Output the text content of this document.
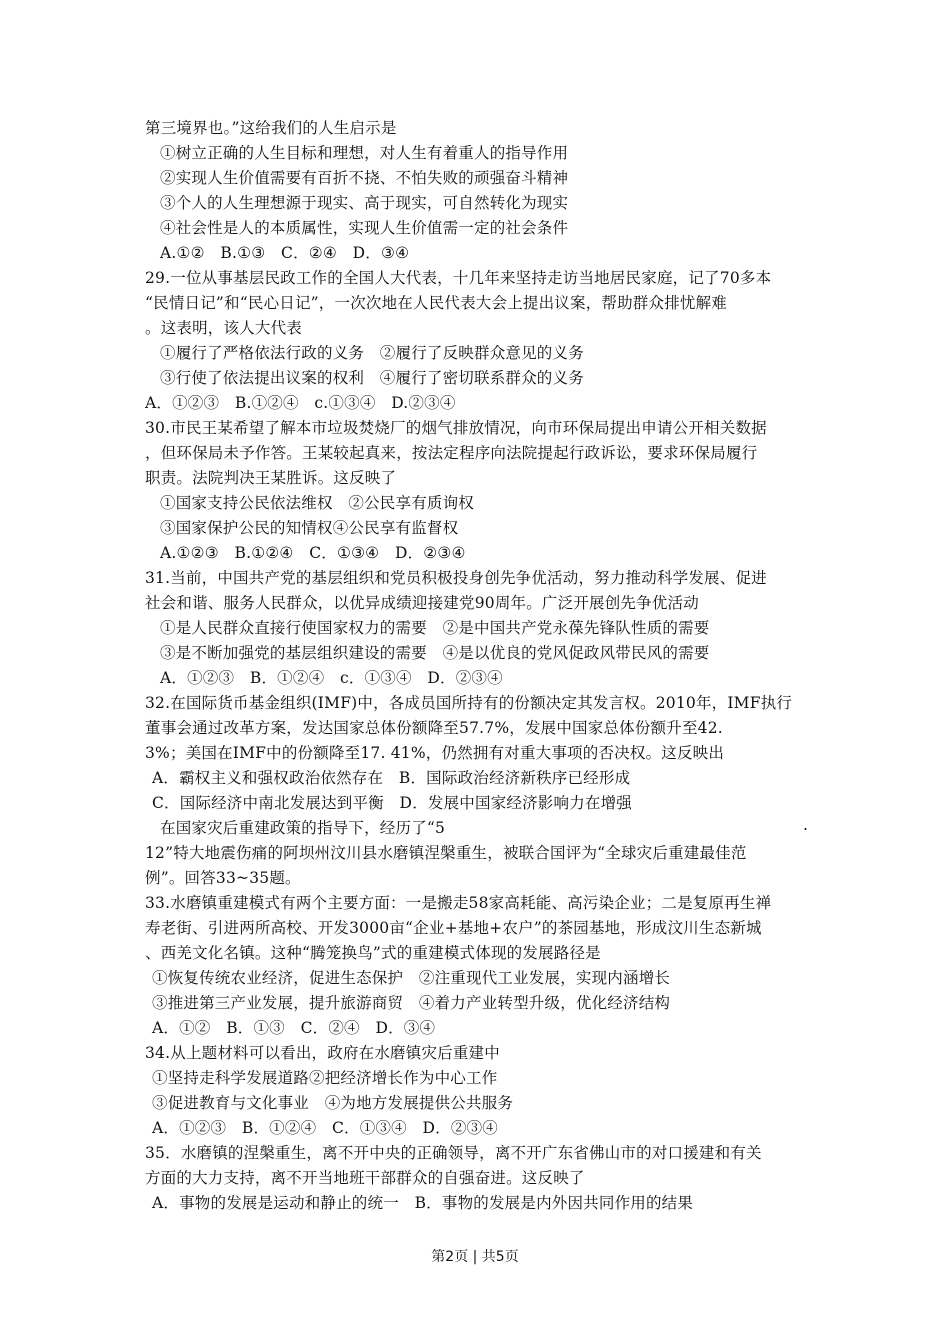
第三境界也。”这给我们的人生启示是
①树立正确的人生目标和理想，对人生有着重人的指导作用
②实现人生价值需要有百折不挠、不怕失败的顽强奋斗精神
③个人的人生理想源于现实、高于现实，可自然转化为现实
④社会性是人的本质属性，实现人生价值需一定的社会条件
A.①②　B.①③　C．②④　D．③④
29.一位从事基层民政工作的全国人大代表，十几年来坚持走访当地居民家庭，记了70多本
“民情日记”和“民心日记”，一次次地在人民代表大会上提出议案，帮助群众排忧解难
。这表明，该人大代表
①履行了严格依法行政的义务　②履行了反映群众意见的义务
③行使了依法提出议案的权利　④履行了密切联系群众的义务
A．①②③　B.①②④　c.①③④　D.②③④
30.市民王某希望了解本市垃圾焚烧厂的烟气排放情况，向市环保局提出申请公开相关数据
，但环保局未予作答。王某较起真来，按法定程序向法院提起行政诉讼，要求环保局履行
职责。法院判决王某胜诉。这反映了
①国家支持公民依法维权　②公民享有质询权
③国家保护公民的知情权④公民享有监督权
A.①②③　B.①②④　C．①③④　D．②③④
31.当前，中国共产党的基层组织和党员积极投身创先争优活动，努力推动科学发展、促进
社会和谐、服务人民群众，以优异成绩迎接建党90周年。广泛开展创先争优活动
①是人民群众直接行使国家权力的需要　②是中国共产党永葆先锋队性质的需要
③是不断加强党的基层组织建设的需要　④是以优良的党风促政风带民风的需要
A．①②③　B．①②④　c．①③④　D．②③④
32.在国际货币基金组织(IMF)中，各成员国所持有的份额决定其发言权。2010年，IMF执行
董事会通过改革方案，发达国家总体份额降至57.7%，发展中国家总体份额升至42.
3%；美国在IMF中的份额降至17. 41%，仍然拥有对重大事项的否决权。这反映出
A．霸权主义和强权政治依然存在　B．国际政治经济新秩序已经形成
C．国际经济中南北发展达到平衡　D．发展中国家经济影响力在增强
在国家灾后重建政策的指导下，经历了“5	.
12”特大地震伤痛的阿坝州汶川县水磨镇涅槃重生，被联合国评为“全球灾后重建最佳范
例”。回答33~35题。
33.水磨镇重建模式有两个主要方面：一是搬走58家高耗能、高污染企业；二是复原再生禅
寿老街、引进两所高校、开发3000亩“企业+基地+农户”的茶园基地，形成汶川生态新城
、西羌文化名镇。这种“腾笼换鸟”式的重建模式体现的发展路径是
①恢复传统农业经济，促进生态保护　②注重现代工业发展，实现内涵增长
③推进第三产业发展，提升旅游商贸　④着力产业转型升级，优化经济结构
A．①②　B．①③　C．②④　D．③④
34.从上题材料可以看出，政府在水磨镇灾后重建中
①坚持走科学发展道路②把经济增长作为中心工作
③促进教育与文化事业　④为地方发展提供公共服务
A．①②③　B．①②④　C．①③④　D．②③④
35．水磨镇的涅槃重生，离不开中央的正确领导，离不开广东省佛山市的对口援建和有关
方面的大力支持，离不开当地班干部群众的自强奋进。这反映了
A．事物的发展是运动和静止的统一　B．事物的发展是内外因共同作用的结果
第2页 | 共5页
